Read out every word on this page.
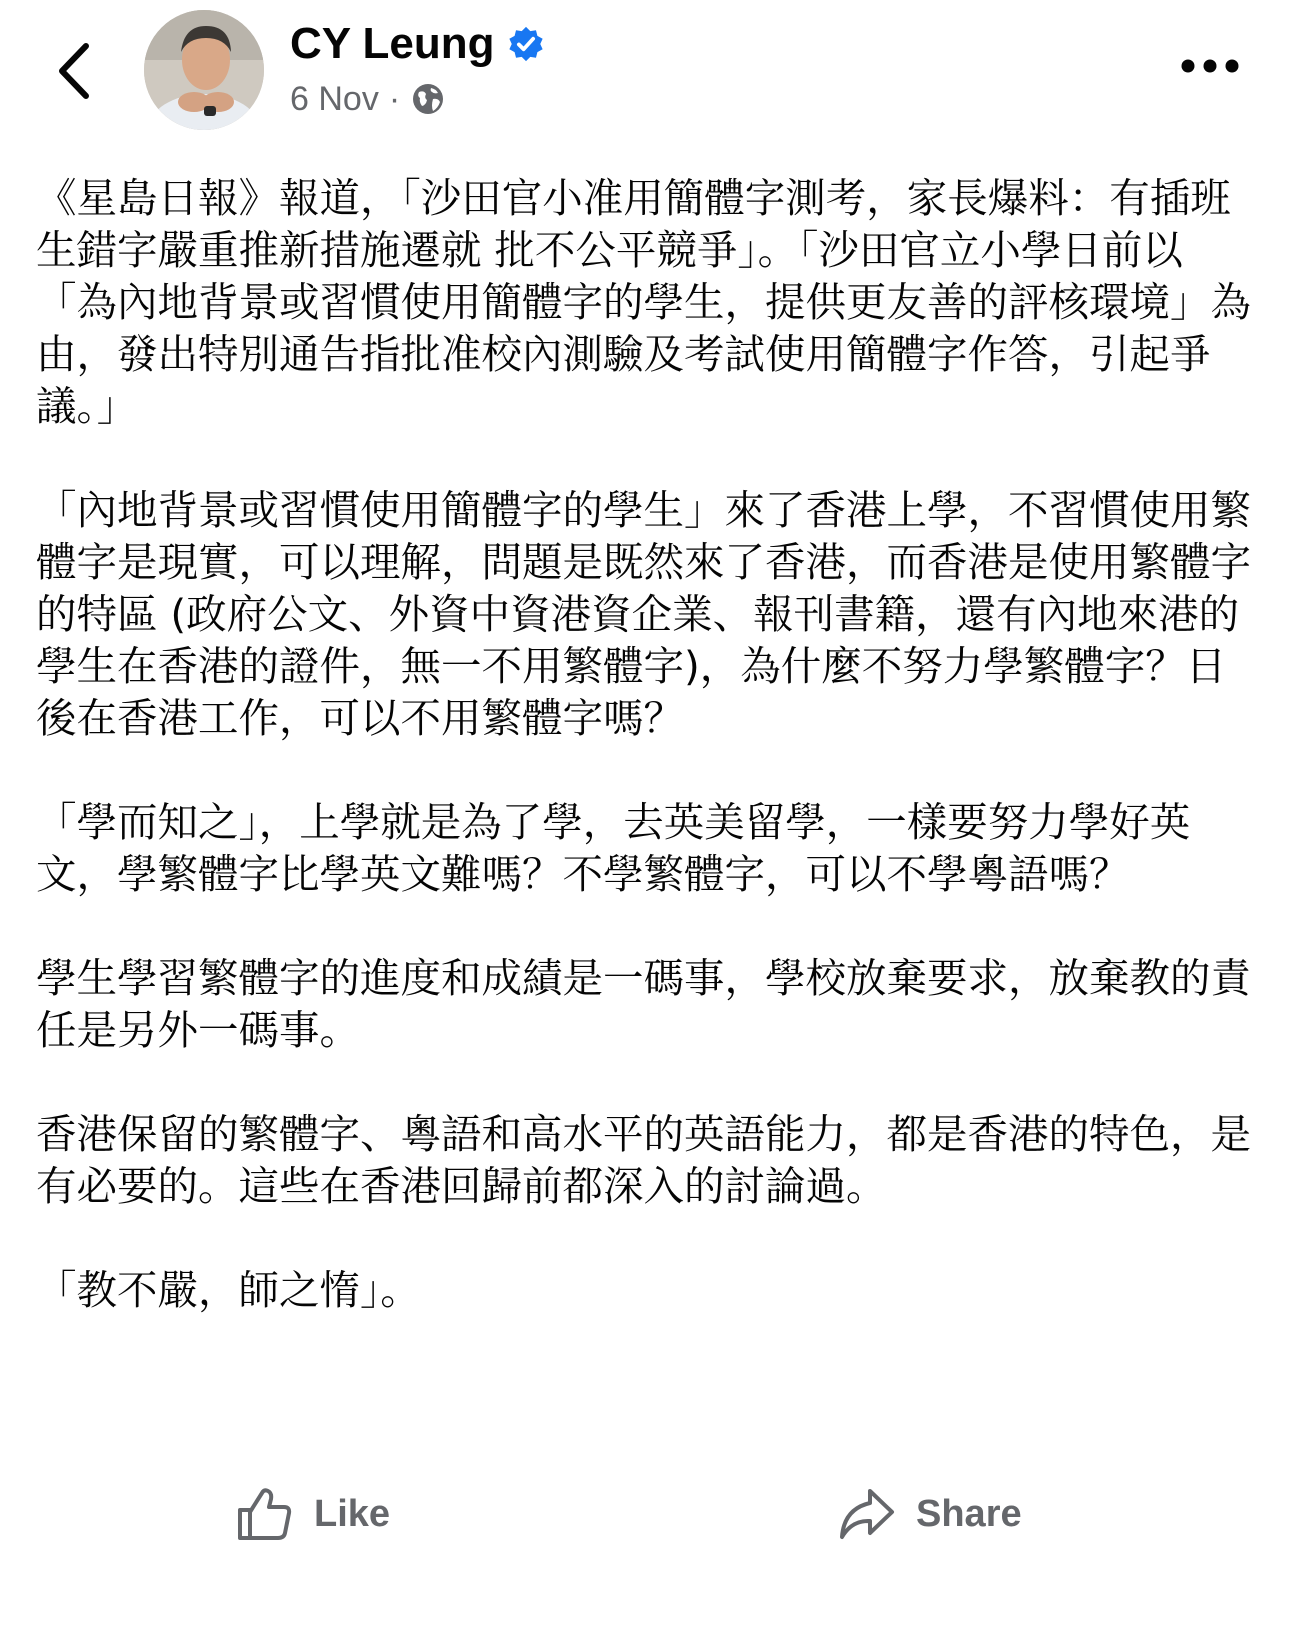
CY Leung
6 Nov ·

《星島日報》報道，「沙田官小准用簡體字測考，家長爆料：有插班生錯字嚴重推新措施遷就 批不公平競爭」。「沙田官立小學日前以「為內地背景或習慣使用簡體字的學生，提供更友善的評核環境」為由，發出特別通告指批准校內測驗及考試使用簡體字作答，引起爭議。」

「內地背景或習慣使用簡體字的學生」來了香港上學，不習慣使用繁體字是現實，可以理解，問題是既然來了香港，而香港是使用繁體字的特區 (政府公文、外資中資港資企業、報刊書籍，還有內地來港的學生在香港的證件，無一不用繁體字)，為什麼不努力學繁體字？日後在香港工作，可以不用繁體字嗎？

「學而知之」，上學就是為了學，去英美留學，一樣要努力學好英文，學繁體字比學英文難嗎？不學繁體字，可以不學粵語嗎？

學生學習繁體字的進度和成績是一碼事，學校放棄要求，放棄教的責任是另外一碼事。

香港保留的繁體字、粵語和高水平的英語能力，都是香港的特色，是有必要的。這些在香港回歸前都深入的討論過。

「教不嚴，師之惰」。

Like	Share
